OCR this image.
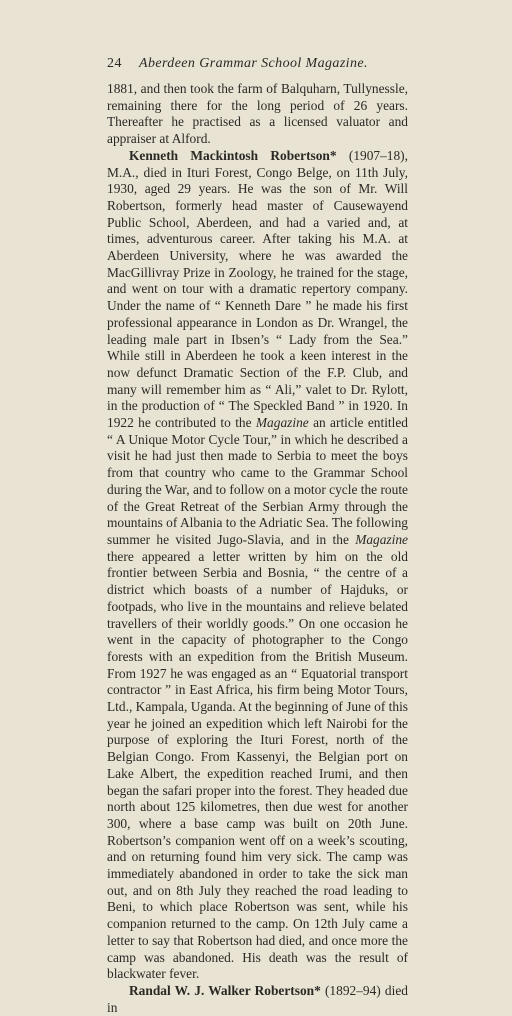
24	Aberdeen Grammar School Magazine.

1881, and then took the farm of Balquharn, Tullynessle, remaining there for the long period of 26 years. Thereafter he practised as a licensed valuator and appraiser at Alford.

Kenneth Mackintosh Robertson* (1907–18), M.A., died in Ituri Forest, Congo Belge, on 11th July, 1930, aged 29 years. He was the son of Mr. Will Robertson, formerly head master of Causewayend Public School, Aberdeen, and had a varied and, at times, adventurous career. After taking his M.A. at Aberdeen University, where he was awarded the MacGillivray Prize in Zoology, he trained for the stage, and went on tour with a dramatic repertory company. Under the name of “ Kenneth Dare ” he made his first professional appearance in London as Dr. Wrangel, the leading male part in Ibsen’s “ Lady from the Sea.” While still in Aberdeen he took a keen interest in the now defunct Dramatic Section of the F.P. Club, and many will remember him as “ Ali,” valet to Dr. Rylott, in the production of “ The Speckled Band ” in 1920. In 1922 he contributed to the Magazine an article entitled “ A Unique Motor Cycle Tour,” in which he described a visit he had just then made to Serbia to meet the boys from that country who came to the Grammar School during the War, and to follow on a motor cycle the route of the Great Retreat of the Serbian Army through the mountains of Albania to the Adriatic Sea. The following summer he visited Jugo-Slavia, and in the Magazine there appeared a letter written by him on the old frontier between Serbia and Bosnia, “ the centre of a district which boasts of a number of Hajduks, or footpads, who live in the mountains and relieve belated travellers of their worldly goods.” On one occasion he went in the capacity of photographer to the Congo forests with an expedition from the British Museum. From 1927 he was engaged as an “ Equatorial transport contractor ” in East Africa, his firm being Motor Tours, Ltd., Kampala, Uganda. At the beginning of June of this year he joined an expedition which left Nairobi for the purpose of exploring the Ituri Forest, north of the Belgian Congo. From Kassenyi, the Belgian port on Lake Albert, the expedition reached Irumi, and then began the safari proper into the forest. They headed due north about 125 kilometres, then due west for another 300, where a base camp was built on 20th June. Robertson’s companion went off on a week’s scouting, and on returning found him very sick. The camp was immediately abandoned in order to take the sick man out, and on 8th July they reached the road leading to Beni, to which place Robertson was sent, while his companion returned to the camp. On 12th July came a letter to say that Robertson had died, and once more the camp was abandoned. His death was the result of blackwater fever.

Randal W. J. Walker Robertson* (1892–94) died in
